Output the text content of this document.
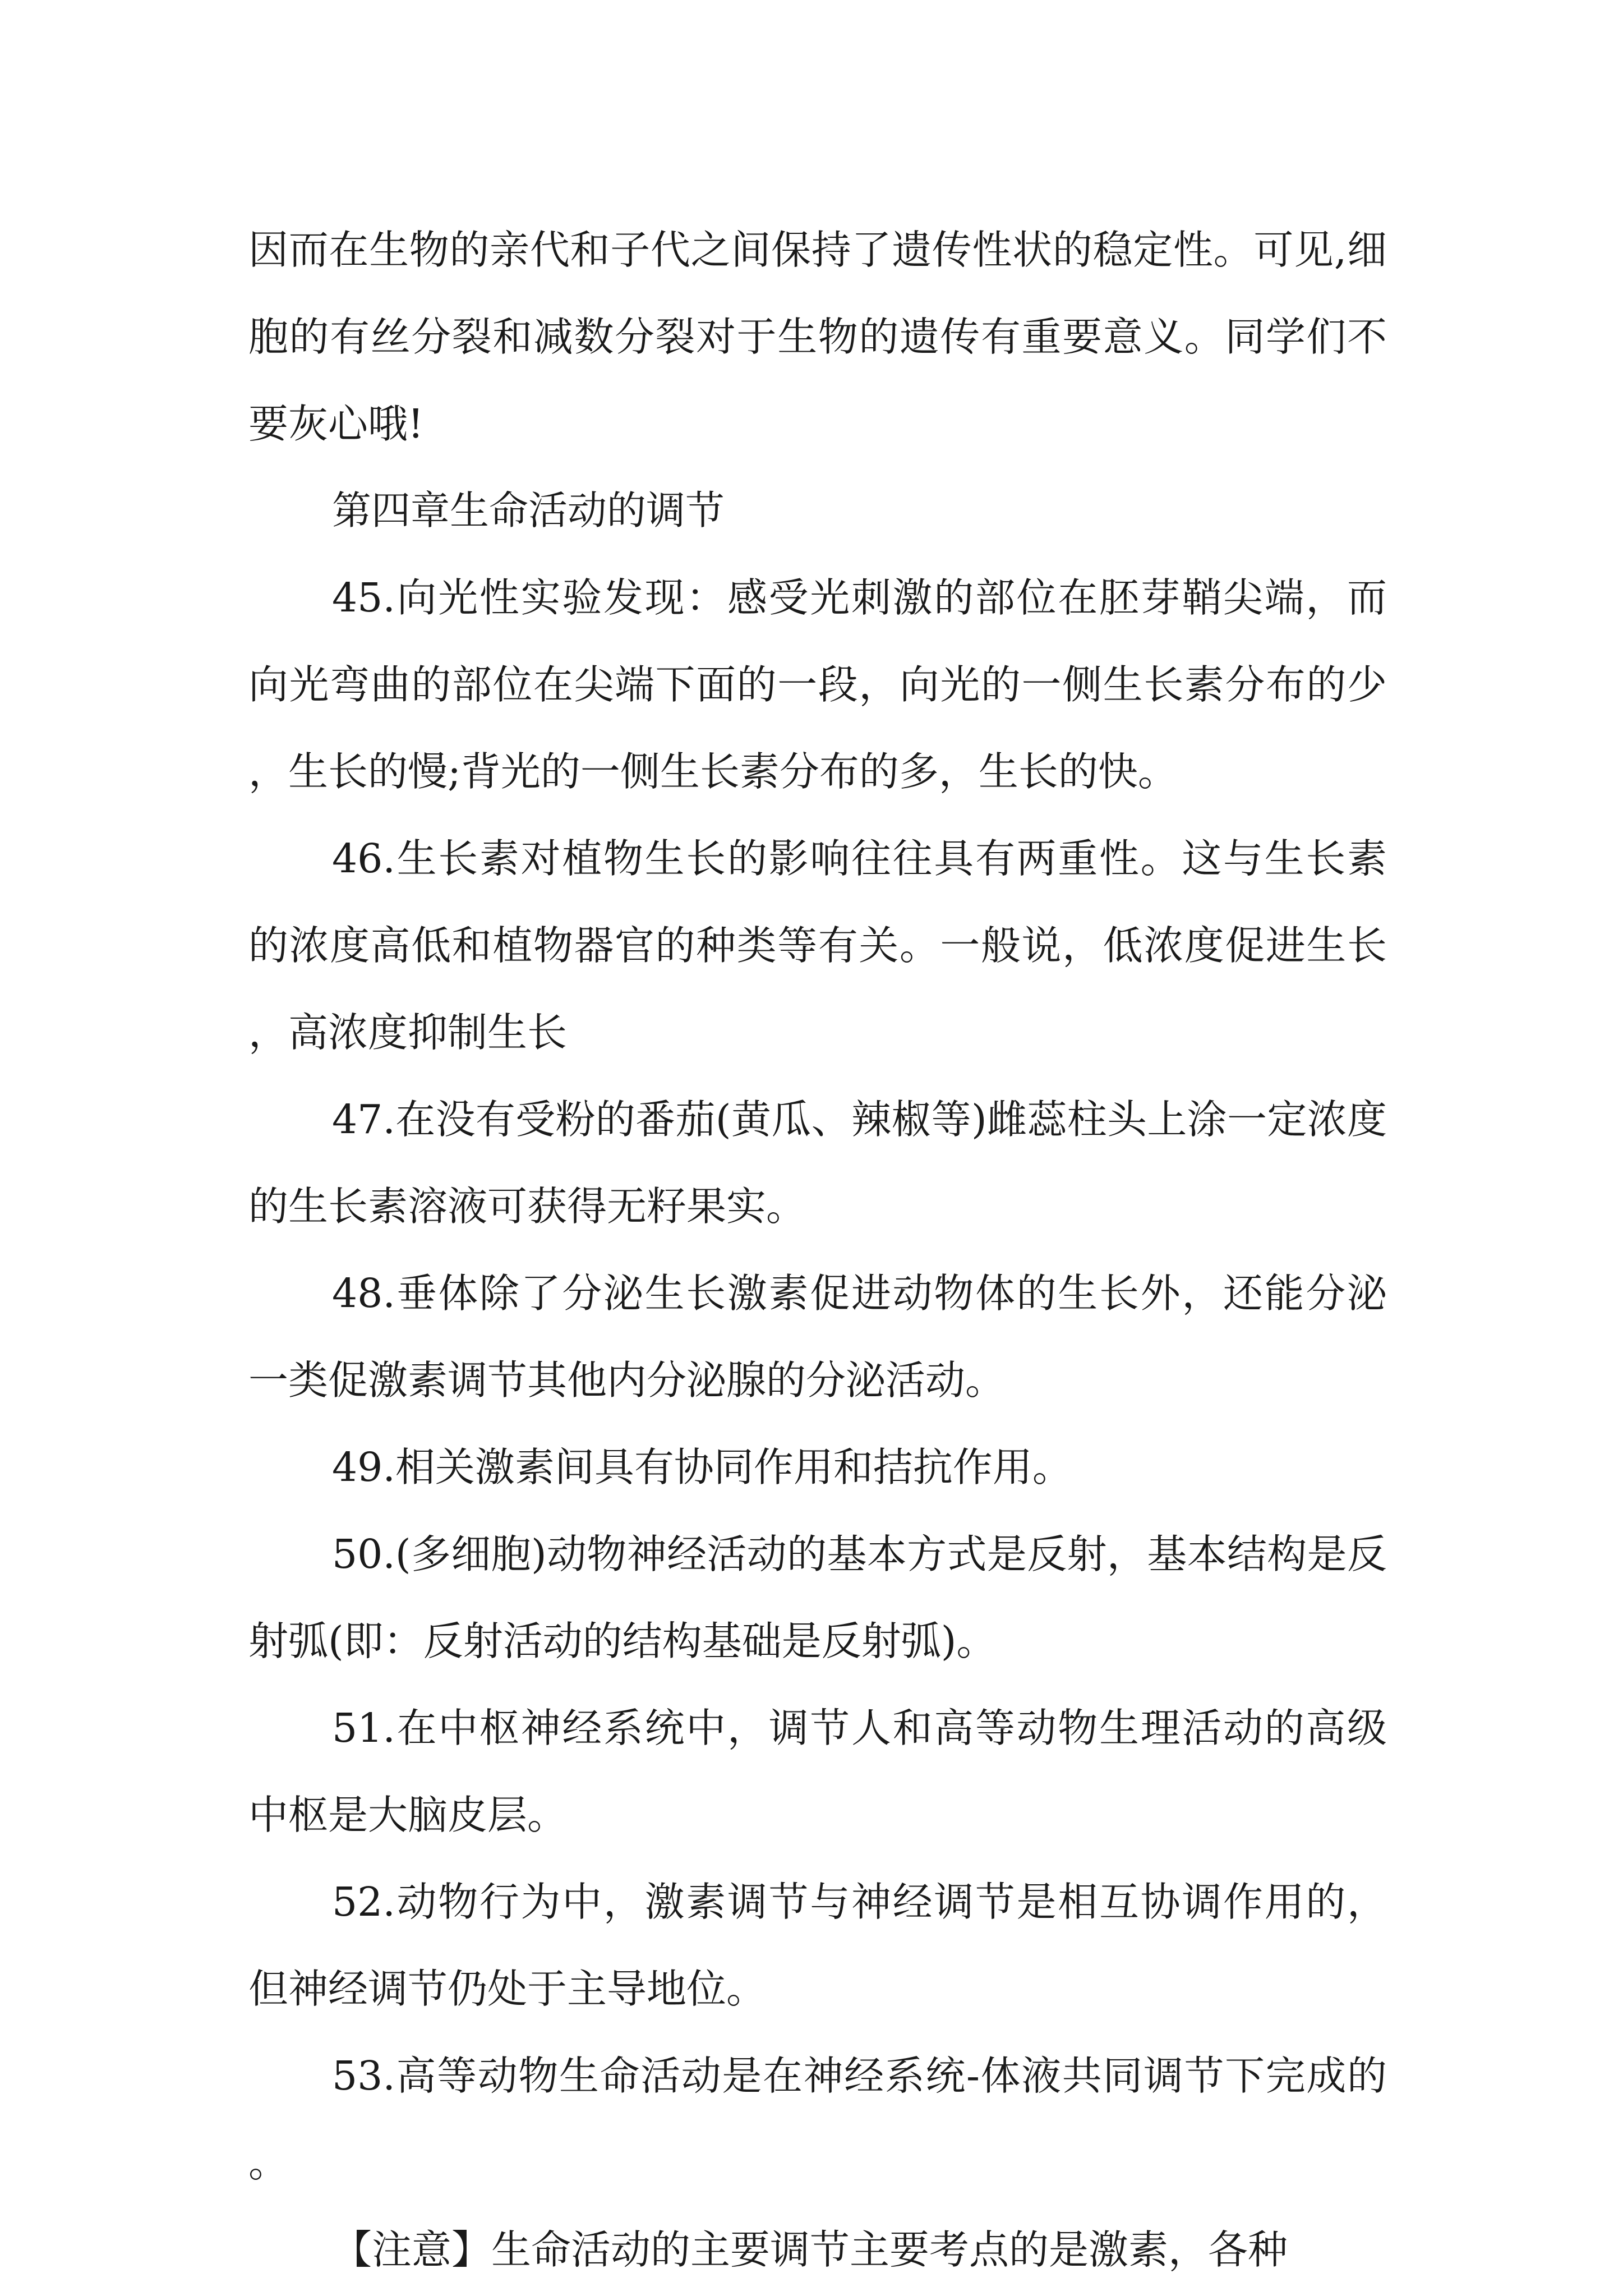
因而在生物的亲代和子代之间保持了遗传性状的稳定性。可见,细胞的有丝分裂和减数分裂对于生物的遗传有重要意义。同学们不要灰心哦!

第四章生命活动的调节

45.向光性实验发现：感受光刺激的部位在胚芽鞘尖端，而向光弯曲的部位在尖端下面的一段，向光的一侧生长素分布的少，生长的慢;背光的一侧生长素分布的多，生长的快。

46.生长素对植物生长的影响往往具有两重性。这与生长素的浓度高低和植物器官的种类等有关。一般说，低浓度促进生长，高浓度抑制生长

47.在没有受粉的番茄(黄瓜、辣椒等)雌蕊柱头上涂一定浓度的生长素溶液可获得无籽果实。

48.垂体除了分泌生长激素促进动物体的生长外，还能分泌一类促激素调节其他内分泌腺的分泌活动。

49.相关激素间具有协同作用和拮抗作用。

50.(多细胞)动物神经活动的基本方式是反射，基本结构是反射弧(即：反射活动的结构基础是反射弧)。

51.在中枢神经系统中，调节人和高等动物生理活动的高级中枢是大脑皮层。

52.动物行为中，激素调节与神经调节是相互协调作用的，但神经调节仍处于主导地位。

53.高等动物生命活动是在神经系统-体液共同调节下完成的。

【注意】生命活动的主要调节主要考点的是激素，各种
